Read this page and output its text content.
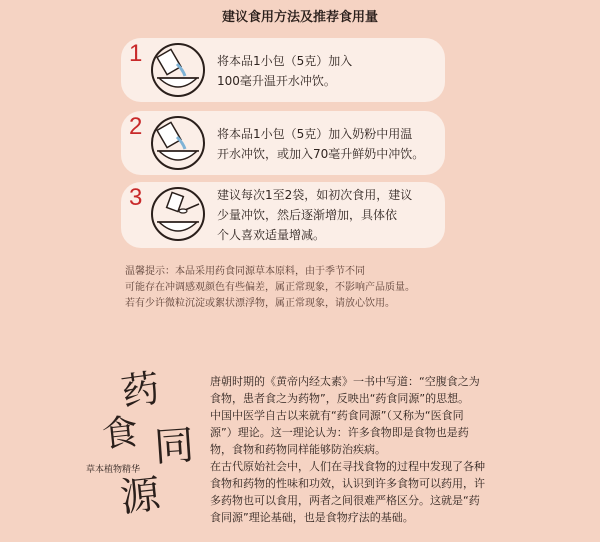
建议食用方法及推荐食用量
1	将本品1小包（5克）加入
100毫升温开水冲饮。
2	将本品1小包（5克）加入奶粉中用温
开水冲饮，或加入70毫升鲜奶中冲饮。
3	建议每次1至2袋，如初次食用，建议
少量冲饮，然后逐渐增加，具体依
个人喜欢适量增减。
温馨提示：本品采用药食同源草本原料，由于季节不同
可能存在冲调感观颜色有些偏差，属正常现象，不影响产品质量。
若有少许微粒沉淀或絮状漂浮物，属正常现象，请放心饮用。
药
食 同
源
草本植物精华
唐朝时期的《黄帝内经太素》一书中写道：“空腹食之为
食物，患者食之为药物”，反映出“药食同源”的思想。
中国中医学自古以来就有“药食同源”（又称为“医食同
源”）理论。这一理论认为：许多食物即是食物也是药
物，食物和药物同样能够防治疾病。
在古代原始社会中，人们在寻找食物的过程中发现了各种
食物和药物的性味和功效，认识到许多食物可以药用，许
多药物也可以食用，两者之间很难严格区分。这就是“药
食同源”理论基础，也是食物疗法的基础。
